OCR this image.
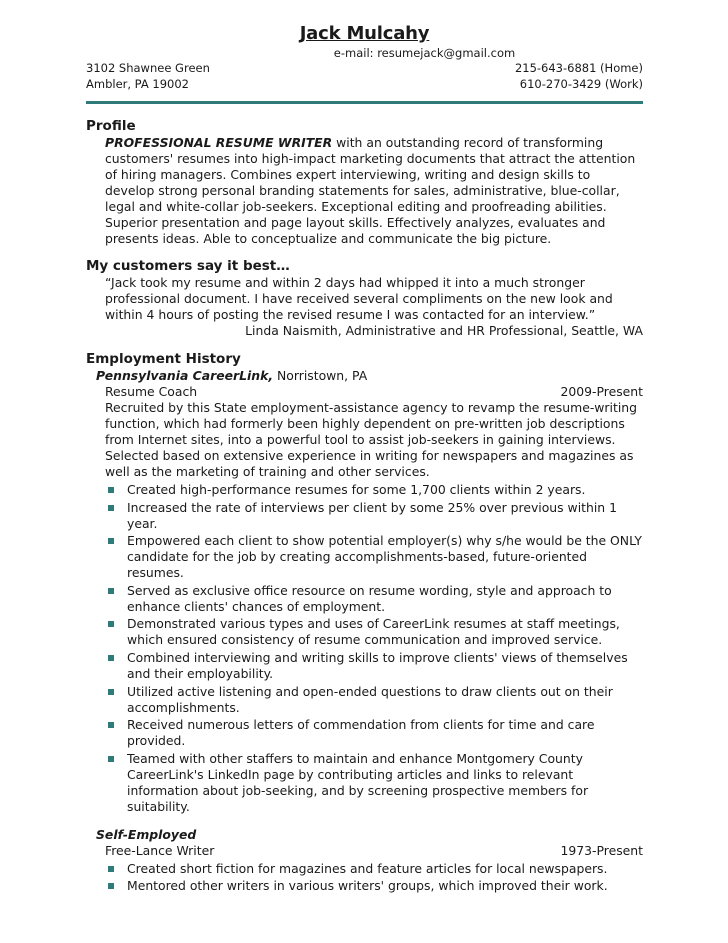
Jack Mulcahy
e-mail: resumejack@gmail.com
3102 Shawnee Green	215-643-6881 (Home)
Ambler, PA 19002	610-270-3429 (Work)
Profile
PROFESSIONAL RESUME WRITER with an outstanding record of transforming customers' resumes into high-impact marketing documents that attract the attention of hiring managers. Combines expert interviewing, writing and design skills to develop strong personal branding statements for sales, administrative, blue-collar, legal and white-collar job-seekers. Exceptional editing and proofreading abilities. Superior presentation and page layout skills. Effectively analyzes, evaluates and presents ideas. Able to conceptualize and communicate the big picture.
My customers say it best…
“Jack took my resume and within 2 days had whipped it into a much stronger professional document. I have received several compliments on the new look and within 4 hours of posting the revised resume I was contacted for an interview.”
Linda Naismith, Administrative and HR Professional, Seattle, WA
Employment History
Pennsylvania CareerLink, Norristown, PA
Resume Coach	2009-Present
Recruited by this State employment-assistance agency to revamp the resume-writing function, which had formerly been highly dependent on pre-written job descriptions from Internet sites, into a powerful tool to assist job-seekers in gaining interviews. Selected based on extensive experience in writing for newspapers and magazines as well as the marketing of training and other services.
Created high-performance resumes for some 1,700 clients within 2 years.
Increased the rate of interviews per client by some 25% over previous within 1 year.
Empowered each client to show potential employer(s) why s/he would be the ONLY candidate for the job by creating accomplishments-based, future-oriented resumes.
Served as exclusive office resource on resume wording, style and approach to enhance clients' chances of employment.
Demonstrated various types and uses of CareerLink resumes at staff meetings, which ensured consistency of resume communication and improved service.
Combined interviewing and writing skills to improve clients' views of themselves and their employability.
Utilized active listening and open-ended questions to draw clients out on their accomplishments.
Received numerous letters of commendation from clients for time and care provided.
Teamed with other staffers to maintain and enhance Montgomery County CareerLink's LinkedIn page by contributing articles and links to relevant information about job-seeking, and by screening prospective members for suitability.
Self-Employed
Free-Lance Writer	1973-Present
Created short fiction for magazines and feature articles for local newspapers.
Mentored other writers in various writers' groups, which improved their work.
